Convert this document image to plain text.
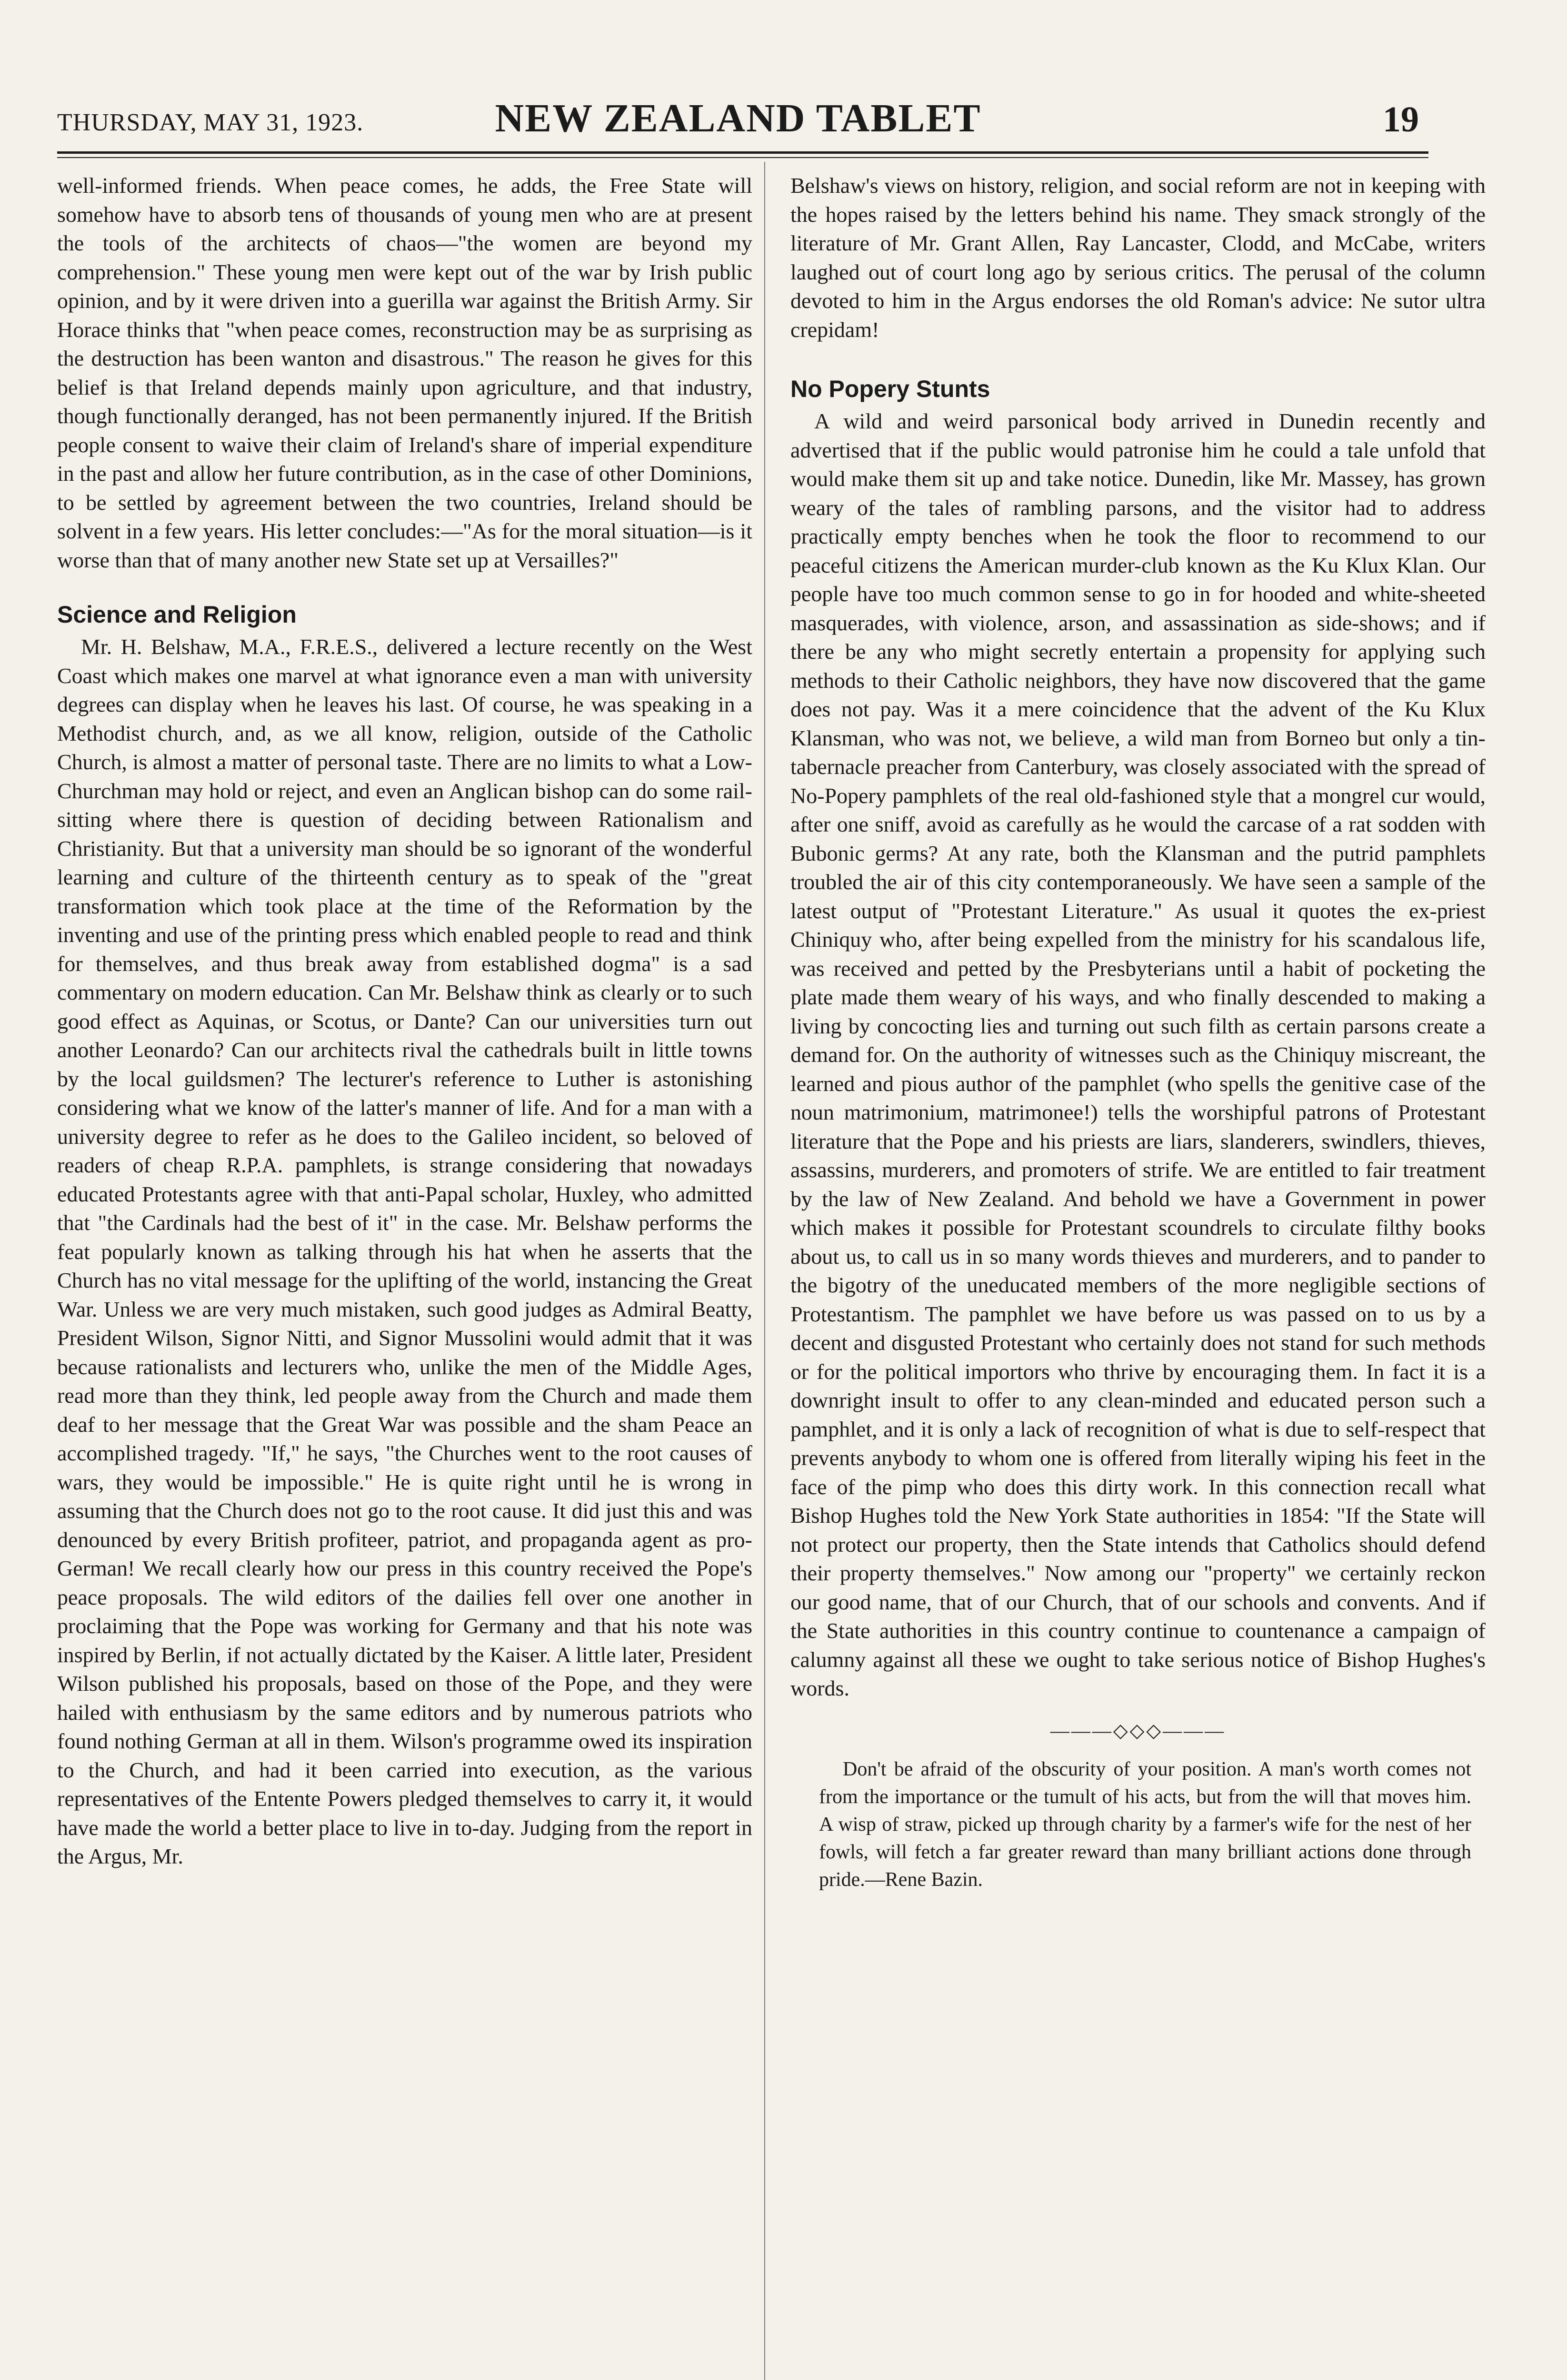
THURSDAY, MAY 31, 1923.	NEW ZEALAND TABLET	19

well-informed friends. When peace comes, he adds, the Free State will somehow have to absorb tens of thousands of young men who are at present the tools of the architects of chaos—"the women are beyond my comprehension." These young men were kept out of the war by Irish public opinion, and by it were driven into a guerilla war against the British Army. Sir Horace thinks that "when peace comes, reconstruction may be as surprising as the destruction has been wanton and disastrous." The reason he gives for this belief is that Ireland depends mainly upon agriculture, and that industry, though functionally deranged, has not been permanently injured. If the British people consent to waive their claim of Ireland's share of imperial expenditure in the past and allow her future contribution, as in the case of other Dominions, to be settled by agreement between the two countries, Ireland should be solvent in a few years. His letter concludes:—"As for the moral situation—is it worse than that of many another new State set up at Versailles?"

Science and Religion

Mr. H. Belshaw, M.A., F.R.E.S., delivered a lecture recently on the West Coast which makes one marvel at what ignorance even a man with university degrees can display when he leaves his last. Of course, he was speaking in a Methodist church, and, as we all know, religion, outside of the Catholic Church, is almost a matter of personal taste. There are no limits to what a Low-Churchman may hold or reject, and even an Anglican bishop can do some rail-sitting where there is question of deciding between Rationalism and Christianity. But that a university man should be so ignorant of the wonderful learning and culture of the thirteenth century as to speak of the "great transformation which took place at the time of the Reformation by the inventing and use of the printing press which enabled people to read and think for themselves, and thus break away from established dogma" is a sad commentary on modern education. Can Mr. Belshaw think as clearly or to such good effect as Aquinas, or Scotus, or Dante? Can our universities turn out another Leonardo? Can our architects rival the cathedrals built in little towns by the local guildsmen? The lecturer's reference to Luther is astonishing considering what we know of the latter's manner of life. And for a man with a university degree to refer as he does to the Galileo incident, so beloved of readers of cheap R.P.A. pamphlets, is strange considering that nowadays educated Protestants agree with that anti-Papal scholar, Huxley, who admitted that "the Cardinals had the best of it" in the case. Mr. Belshaw performs the feat popularly known as talking through his hat when he asserts that the Church has no vital message for the uplifting of the world, instancing the Great War. Unless we are very much mistaken, such good judges as Admiral Beatty, President Wilson, Signor Nitti, and Signor Mussolini would admit that it was because rationalists and lecturers who, unlike the men of the Middle Ages, read more than they think, led people away from the Church and made them deaf to her message that the Great War was possible and the sham Peace an accomplished tragedy. "If," he says, "the Churches went to the root causes of wars, they would be impossible." He is quite right until he is wrong in assuming that the Church does not go to the root cause. It did just this and was denounced by every British profiteer, patriot, and propaganda agent as pro-German! We recall clearly how our press in this country received the Pope's peace proposals. The wild editors of the dailies fell over one another in proclaiming that the Pope was working for Germany and that his note was inspired by Berlin, if not actually dictated by the Kaiser. A little later, President Wilson published his proposals, based on those of the Pope, and they were hailed with enthusiasm by the same editors and by numerous patriots who found nothing German at all in them. Wilson's programme owed its inspiration to the Church, and had it been carried into execution, as the various representatives of the Entente Powers pledged themselves to carry it, it would have made the world a better place to live in to-day. Judging from the report in the Argus, Mr.

Belshaw's views on history, religion, and social reform are not in keeping with the hopes raised by the letters behind his name. They smack strongly of the literature of Mr. Grant Allen, Ray Lancaster, Clodd, and McCabe, writers laughed out of court long ago by serious critics. The perusal of the column devoted to him in the Argus endorses the old Roman's advice: Ne sutor ultra crepidam!

No Popery Stunts

A wild and weird parsonical body arrived in Dunedin recently and advertised that if the public would patronise him he could a tale unfold that would make them sit up and take notice. Dunedin, like Mr. Massey, has grown weary of the tales of rambling parsons, and the visitor had to address practically empty benches when he took the floor to recommend to our peaceful citizens the American murder-club known as the Ku Klux Klan. Our people have too much common sense to go in for hooded and white-sheeted masquerades, with violence, arson, and assassination as side-shows; and if there be any who might secretly entertain a propensity for applying such methods to their Catholic neighbors, they have now discovered that the game does not pay. Was it a mere coincidence that the advent of the Ku Klux Klansman, who was not, we believe, a wild man from Borneo but only a tin-tabernacle preacher from Canterbury, was closely associated with the spread of No-Popery pamphlets of the real old-fashioned style that a mongrel cur would, after one sniff, avoid as carefully as he would the carcase of a rat sodden with Bubonic germs? At any rate, both the Klansman and the putrid pamphlets troubled the air of this city contemporaneously. We have seen a sample of the latest output of "Protestant Literature." As usual it quotes the ex-priest Chiniquy who, after being expelled from the ministry for his scandalous life, was received and petted by the Presbyterians until a habit of pocketing the plate made them weary of his ways, and who finally descended to making a living by concocting lies and turning out such filth as certain parsons create a demand for. On the authority of witnesses such as the Chiniquy miscreant, the learned and pious author of the pamphlet (who spells the genitive case of the noun matrimonium, matrimonee!) tells the worshipful patrons of Protestant literature that the Pope and his priests are liars, slanderers, swindlers, thieves, assassins, murderers, and promoters of strife. We are entitled to fair treatment by the law of New Zealand. And behold we have a Government in power which makes it possible for Protestant scoundrels to circulate filthy books about us, to call us in so many words thieves and murderers, and to pander to the bigotry of the uneducated members of the more negligible sections of Protestantism. The pamphlet we have before us was passed on to us by a decent and disgusted Protestant who certainly does not stand for such methods or for the political importors who thrive by encouraging them. In fact it is a downright insult to offer to any clean-minded and educated person such a pamphlet, and it is only a lack of recognition of what is due to self-respect that prevents anybody to whom one is offered from literally wiping his feet in the face of the pimp who does this dirty work. In this connection recall what Bishop Hughes told the New York State authorities in 1854: "If the State will not protect our property, then the State intends that Catholics should defend their property themselves." Now among our "property" we certainly reckon our good name, that of our Church, that of our schools and convents. And if the State authorities in this country continue to countenance a campaign of calumny against all these we ought to take serious notice of Bishop Hughes's words.

———◇◇◇———

Don't be afraid of the obscurity of your position. A man's worth comes not from the importance or the tumult of his acts, but from the will that moves him. A wisp of straw, picked up through charity by a farmer's wife for the nest of her fowls, will fetch a far greater reward than many brilliant actions done through pride.—Rene Bazin.
